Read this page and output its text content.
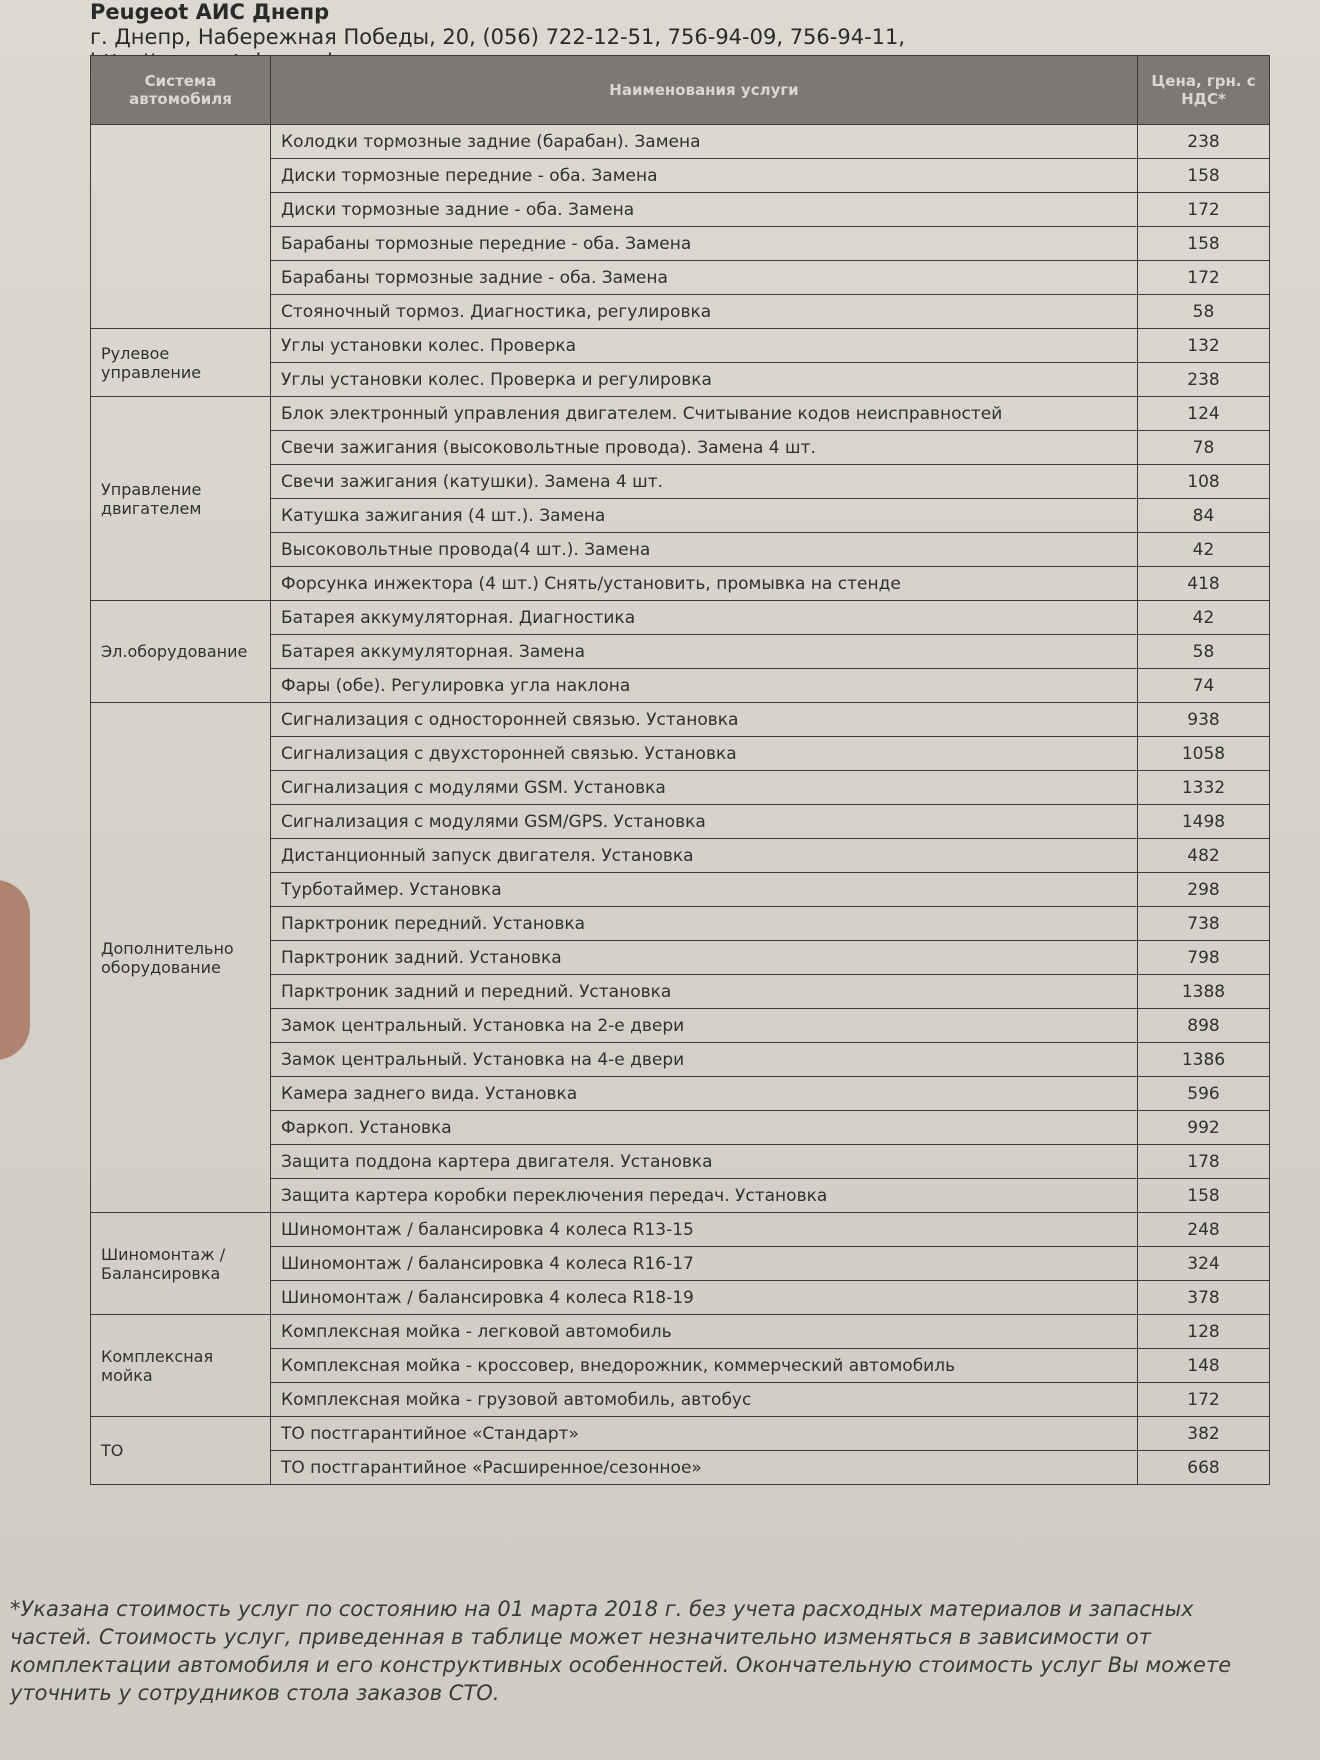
Peugeot АИС Днепр
г. Днепр, Набережная Победы, 20, (056) 722-12-51, 756-94-09, 756-94-11,
Система автомобиля	Наименования услуги	Цена, грн. с НДС*
	Колодки тормозные задние (барабан). Замена	238
	Диски тормозные передние - оба. Замена	158
	Диски тормозные задние - оба. Замена	172
	Барабаны тормозные передние - оба. Замена	158
	Барабаны тормозные задние - оба. Замена	172
	Стояночный тормоз. Диагностика, регулировка	58
Рулевое управление	Углы установки колес. Проверка	132
	Углы установки колес. Проверка и регулировка	238
Управление двигателем	Блок электронный управления двигателем. Считывание кодов неисправностей	124
	Свечи зажигания (высоковольтные провода). Замена 4 шт.	78
	Свечи зажигания (катушки). Замена 4 шт.	108
	Катушка зажигания (4 шт.). Замена	84
	Высоковольтные провода(4 шт.). Замена	42
	Форсунка инжектора (4 шт.) Снять/установить, промывка на стенде	418
Эл.оборудование	Батарея аккумуляторная. Диагностика	42
	Батарея аккумуляторная. Замена	58
	Фары (обе). Регулировка угла наклона	74
Дополнительно оборудование	Сигнализация с односторонней связью. Установка	938
	Сигнализация с двухсторонней связью. Установка	1058
	Сигнализация с модулями GSM. Установка	1332
	Сигнализация с модулями GSM/GPS. Установка	1498
	Дистанционный запуск двигателя. Установка	482
	Турботаймер. Установка	298
	Парктроник передний. Установка	738
	Парктроник задний. Установка	798
	Парктроник задний и передний. Установка	1388
	Замок центральный. Установка на 2-е двери	898
	Замок центральный. Установка на 4-е двери	1386
	Камера заднего вида. Установка	596
	Фаркоп. Установка	992
	Защита поддона картера двигателя. Установка	178
	Защита картера коробки переключения передач. Установка	158
Шиномонтаж / Балансировка	Шиномонтаж / балансировка 4 колеса R13-15	248
	Шиномонтаж / балансировка 4 колеса R16-17	324
	Шиномонтаж / балансировка 4 колеса R18-19	378
Комплексная мойка	Комплексная мойка - легковой автомобиль	128
	Комплексная мойка - кроссовер, внедорожник, коммерческий автомобиль	148
	Комплексная мойка - грузовой автомобиль, автобус	172
ТО	ТО постгарантийное «Стандарт»	382
	ТО постгарантийное «Расширенное/сезонное»	668
*Указана стоимость услуг по состоянию на 01 марта 2018 г. без учета расходных материалов и запасных частей. Стоимость услуг, приведенная в таблице может незначительно изменяться в зависимости от комплектации автомобиля и его конструктивных особенностей. Окончательную стоимость услуг Вы можете уточнить у сотрудников стола заказов СТО.
